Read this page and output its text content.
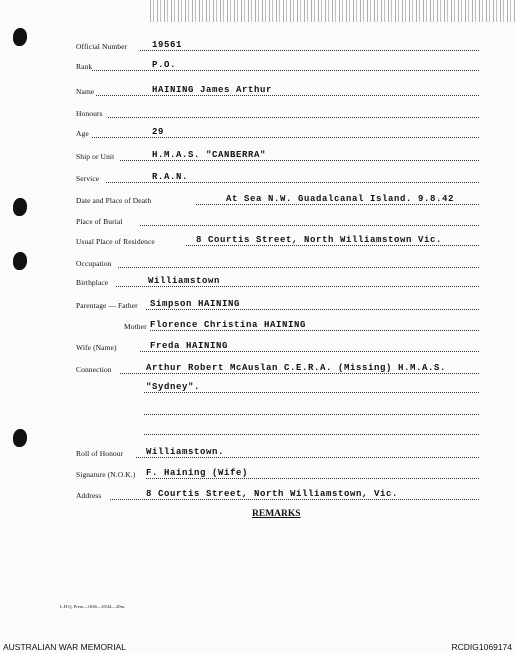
Official Number	19561
Rank	P.O.
Name	HAINING James Arthur
Honours
Age	29
Ship or Unit	H.M.A.S. "CANBERRA"
Service	R.A.N.
Date and Place of Death	At Sea N.W. Guadalcanal Island. 9.8.42
Place of Burial
Usual Place of Residence	8 Courtis Street, North Williamstown Vic.
Occupation
Birthplace	Williamstown
Parentage — Father Simpson HAINING
Mother Florence Christina HAINING
Wife (Name)	Freda HAINING
Connection	Arthur Robert McAuslan C.E.R.A. (Missing) H.M.A.S.
"Sydney".
Roll of Honour	Williamstown.
Signature (N.O.K.) F. Haining (Wife)
Address	8 Courtis Street, North Williamstown, Vic.
REMARKS
L.H.Q. Press—1636—10/44—20m.
AUSTRALIAN WAR MEMORIAL	RCDIG1069174
